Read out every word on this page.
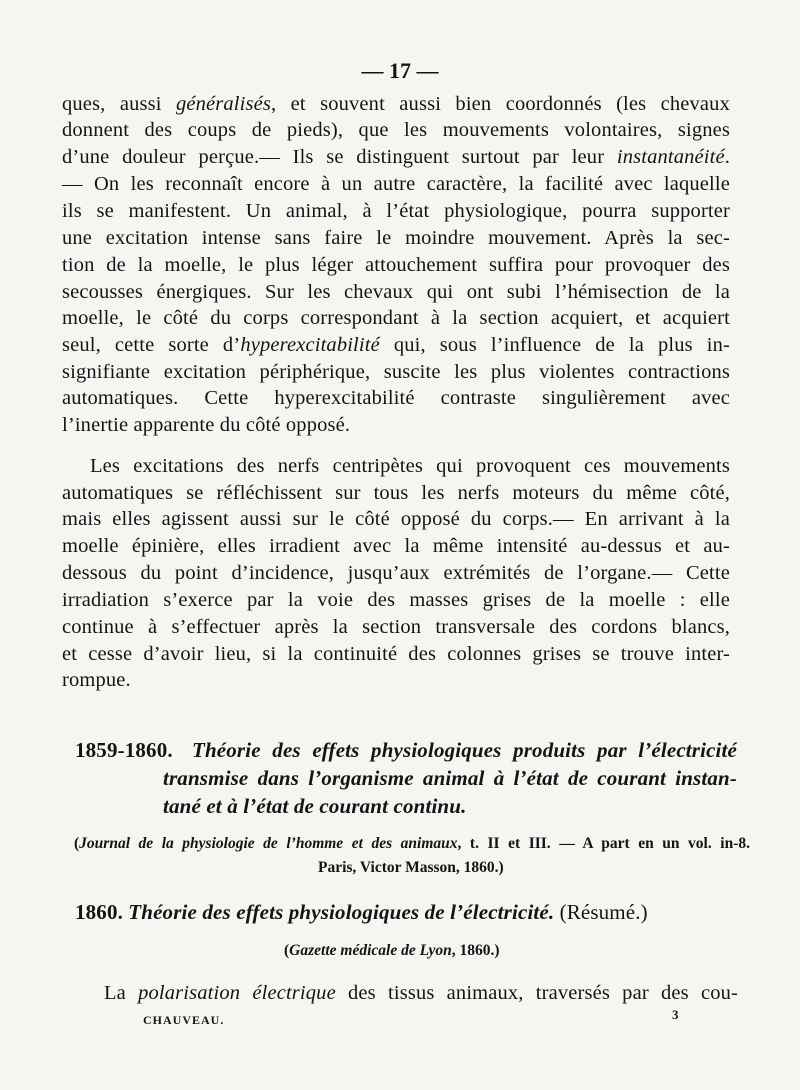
— 17 —
ques, aussi généralisés, et souvent aussi bien coordonnés (les chevaux
donnent des coups de pieds), que les mouvements volontaires, signes
d’une douleur perçue.— Ils se distinguent surtout par leur instantanéité.
— On les reconnaît encore à un autre caractère, la facilité avec laquelle
ils se manifestent. Un animal, à l’état physiologique, pourra supporter
une excitation intense sans faire le moindre mouvement. Après la sec-
tion de la moelle, le plus léger attouchement suffira pour provoquer des
secousses énergiques. Sur les chevaux qui ont subi l’hémisection de la
moelle, le côté du corps correspondant à la section acquiert, et acquiert
seul, cette sorte d’hyperexcitabilité qui, sous l’influence de la plus in-
signifiante excitation périphérique, suscite les plus violentes contractions
automatiques. Cette hyperexcitabilité contraste singulièrement avec
l’inertie apparente du côté opposé.
Les excitations des nerfs centripètes qui provoquent ces mouvements
automatiques se réfléchissent sur tous les nerfs moteurs du même côté,
mais elles agissent aussi sur le côté opposé du corps.— En arrivant à la
moelle épinière, elles irradient avec la même intensité au-dessus et au-
dessous du point d’incidence, jusqu’aux extrémités de l’organe.— Cette
irradiation s’exerce par la voie des masses grises de la moelle : elle
continue à s’effectuer après la section transversale des cordons blancs,
et cesse d’avoir lieu, si la continuité des colonnes grises se trouve inter-
rompue.
1859-1860. Théorie des effets physiologiques produits par l’électricité
transmise dans l’organisme animal à l’état de courant instan-
tané et à l’état de courant continu.
(Journal de la physiologie de l’homme et des animaux, t. II et III. — A part en un vol. in-8.
Paris, Victor Masson, 1860.)
1860. Théorie des effets physiologiques de l’électricité. (Résumé.)
(Gazette médicale de Lyon, 1860.)
La polarisation électrique des tissus animaux, traversés par des cou-
CHAUVEAU.	3
